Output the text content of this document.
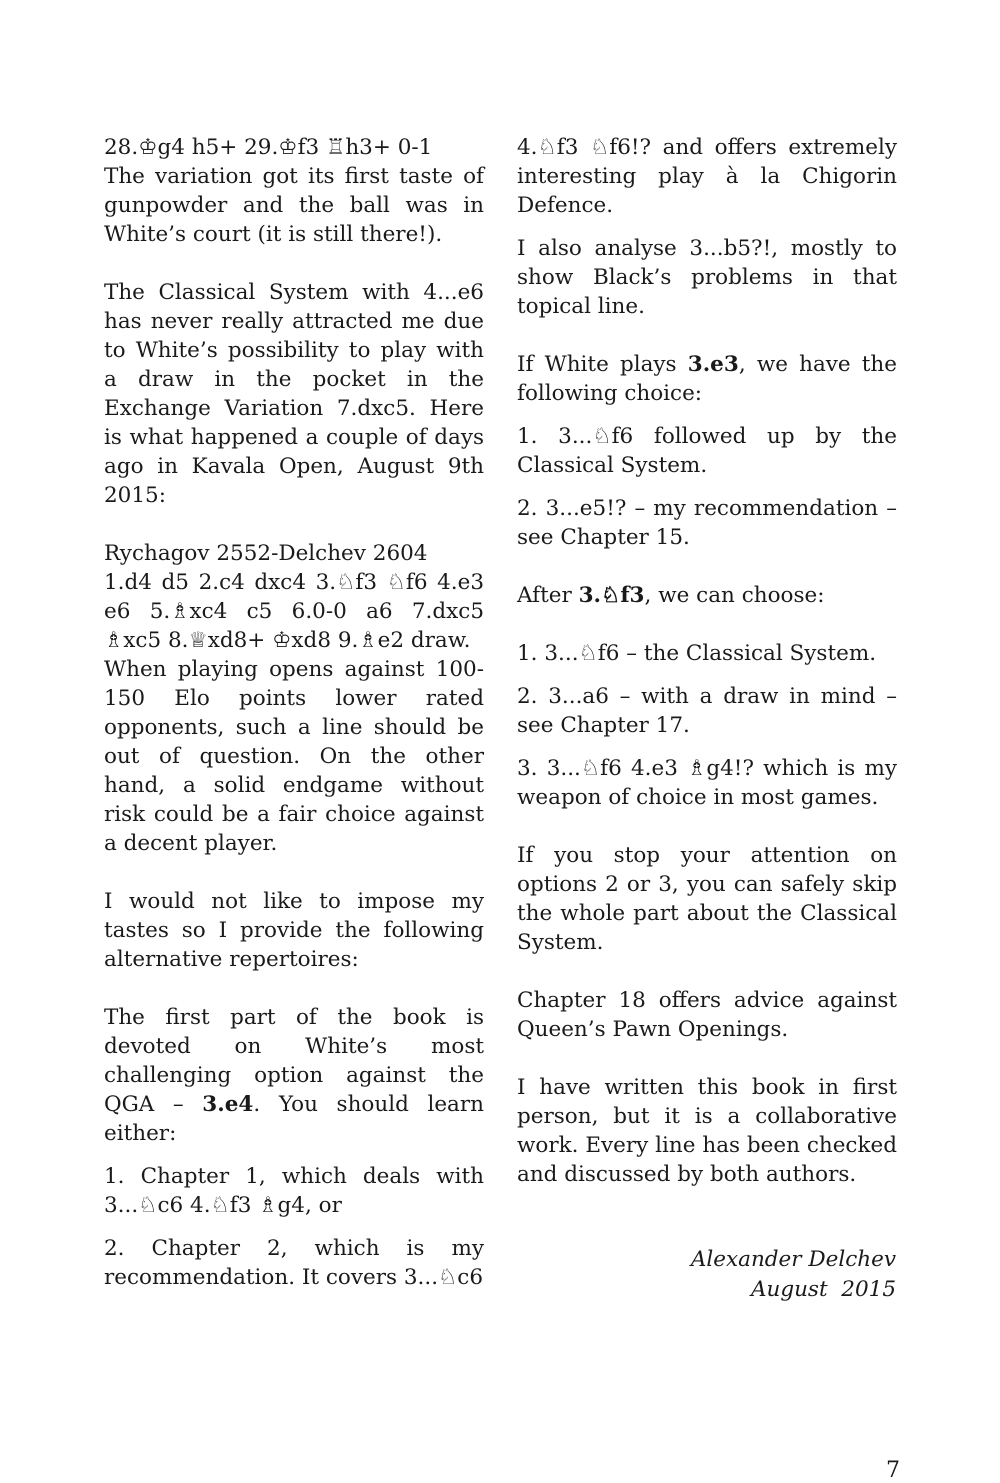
28.♔g4 h5+ 29.♔f3 ♖h3+ 0-1

The variation got its first taste of gunpowder and the ball was in White’s court (it is still there!).

The Classical System with 4...e6 has never really attracted me due to White’s possibility to play with a draw in the pocket in the Exchange Variation 7.dxc5. Here is what happened a couple of days ago in Kavala Open, August 9th 2015:

Rychagov 2552-Delchev 2604

1.d4 d5 2.c4 dxc4 3.♘f3 ♘f6 4.e3 e6 5.♗xc4 c5 6.0-0 a6 7.dxc5 ♗xc5 8.♕xd8+ ♔xd8 9.♗e2 draw.

When playing opens against 100-150 Elo points lower rated opponents, such a line should be out of question. On the other hand, a solid endgame without risk could be a fair choice against a decent player.

I would not like to impose my tastes so I provide the following alternative repertoires:

The first part of the book is devoted on White’s most challenging option against the QGA – 3.e4. You should learn either:

1. Chapter 1, which deals with 3...♘c6 4.♘f3 ♗g4, or

2. Chapter 2, which is my recommendation. It covers 3...♘c6

4.♘f3 ♘f6!? and offers extremely interesting play à la Chigorin Defence.

I also analyse 3...b5?!, mostly to show Black’s problems in that topical line.

If White plays 3.e3, we have the following choice:

1. 3...♘f6 followed up by the Classical System.

2. 3...e5!? – my recommendation – see Chapter 15.

After 3.♘f3, we can choose:

1. 3...♘f6 – the Classical System.

2. 3...a6 – with a draw in mind – see Chapter 17.

3. 3...♘f6 4.e3 ♗g4!? which is my weapon of choice in most games.

If you stop your attention on options 2 or 3, you can safely skip the whole part about the Classical System.

Chapter 18 offers advice against Queen’s Pawn Openings.

I have written this book in first person, but it is a collaborative work. Every line has been checked and discussed by both authors.

Alexander Delchev

August  2015

7
